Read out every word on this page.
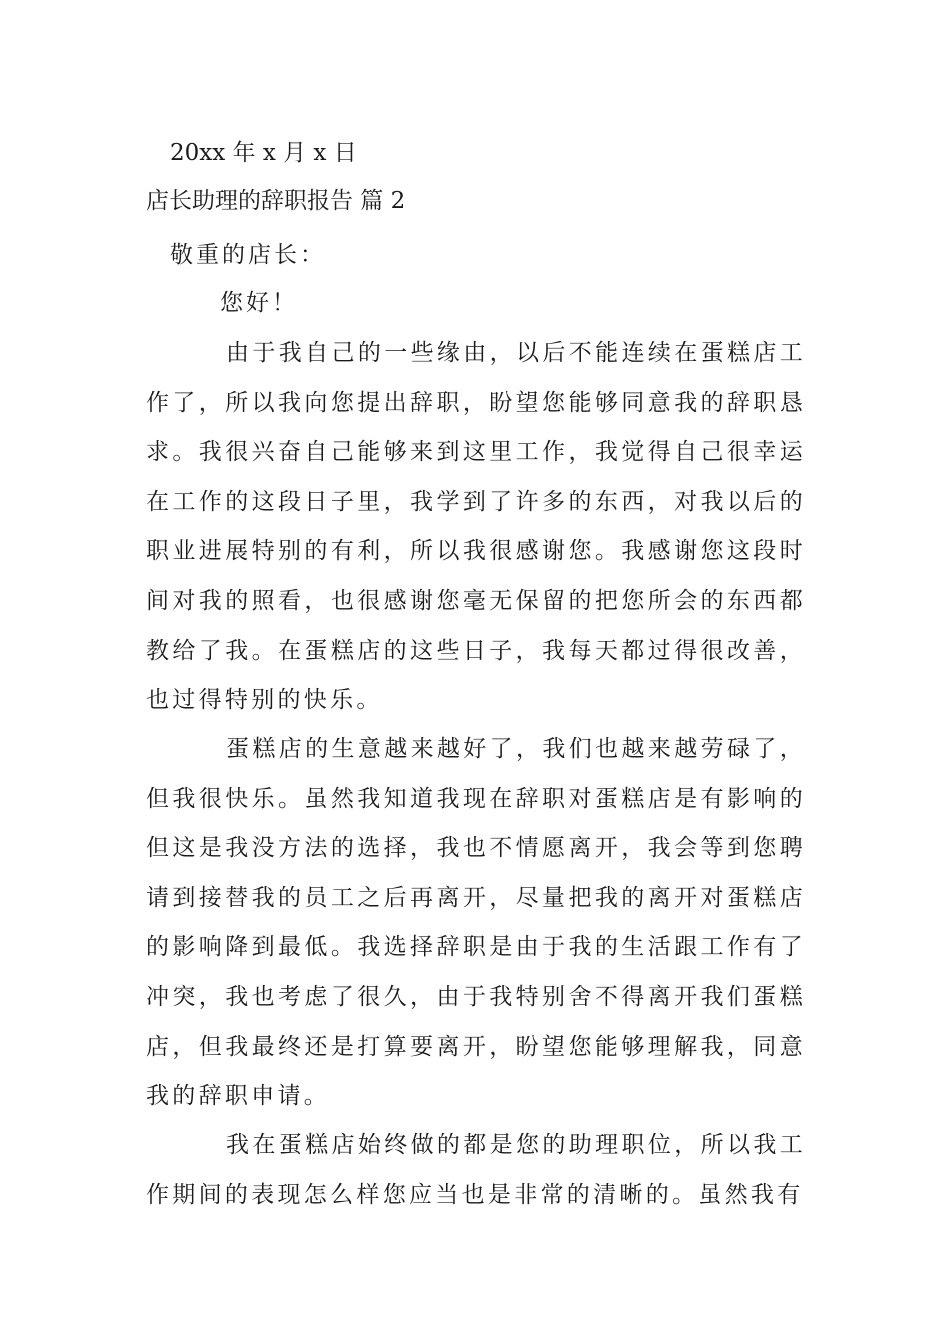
20xx 年 x 月 x 日
店长助理的辞职报告 篇 2
敬重的店长：
您好！
由于我自己的一些缘由，以后不能连续在蛋糕店工作了，所以我向您提出辞职，盼望您能够同意我的辞职恳求。我很兴奋自己能够来到这里工作，我觉得自己很幸运在工作的这段日子里，我学到了许多的东西，对我以后的职业进展特别的有利，所以我很感谢您。我感谢您这段时间对我的照看，也很感谢您毫无保留的把您所会的东西都教给了我。在蛋糕店的这些日子，我每天都过得很改善，也过得特别的快乐。
蛋糕店的生意越来越好了，我们也越来越劳碌了，但我很快乐。虽然我知道我现在辞职对蛋糕店是有影响的但这是我没方法的选择，我也不情愿离开，我会等到您聘请到接替我的员工之后再离开，尽量把我的离开对蛋糕店的影响降到最低。我选择辞职是由于我的生活跟工作有了冲突，我也考虑了很久，由于我特别舍不得离开我们蛋糕店，但我最终还是打算要离开，盼望您能够理解我，同意我的辞职申请。
我在蛋糕店始终做的都是您的助理职位，所以我工作期间的表现怎么样您应当也是非常的清晰的。虽然我有
